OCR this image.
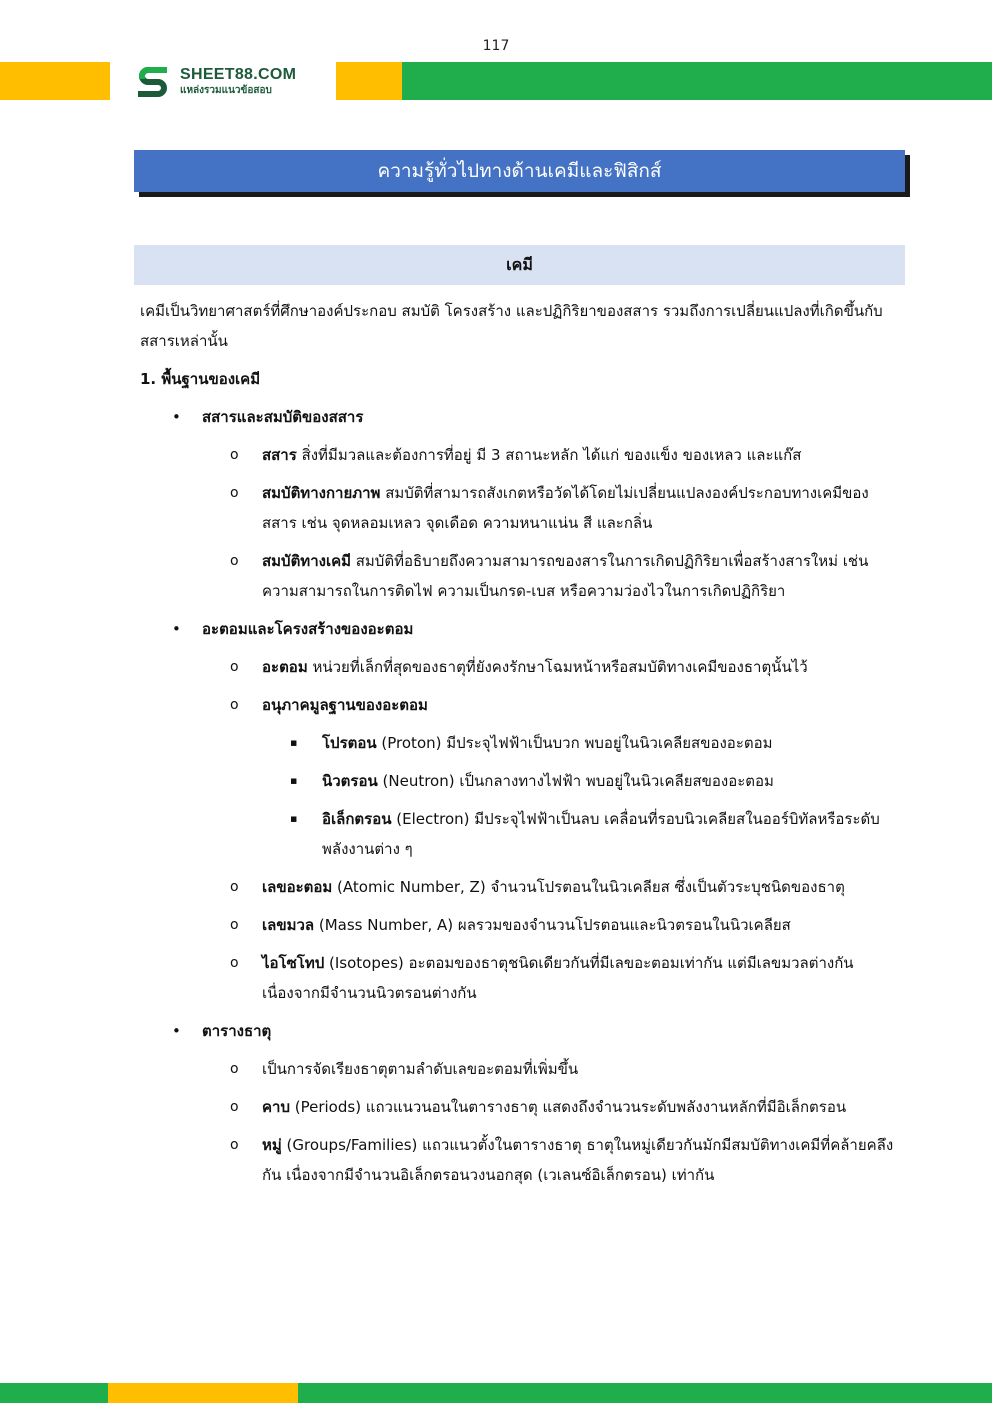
117
SHEET88.COM
แหล่งรวมแนวข้อสอบ
ความรู้ทั่วไปทางด้านเคมีและฟิสิกส์
เคมี

เคมีเป็นวิทยาศาสตร์ที่ศึกษาองค์ประกอบ สมบัติ โครงสร้าง และปฏิกิริยาของสสาร รวมถึงการเปลี่ยนแปลงที่เกิดขึ้นกับสสารเหล่านั้น

1. พื้นฐานของเคมี

• สสารและสมบัติของสสาร

o สสาร สิ่งที่มีมวลและต้องการที่อยู่ มี 3 สถานะหลัก ได้แก่ ของแข็ง ของเหลว และแก๊ส

o สมบัติทางกายภาพ สมบัติที่สามารถสังเกตหรือวัดได้โดยไม่เปลี่ยนแปลงองค์ประกอบทางเคมีของสสาร เช่น จุดหลอมเหลว จุดเดือด ความหนาแน่น สี และกลิ่น

o สมบัติทางเคมี สมบัติที่อธิบายถึงความสามารถของสารในการเกิดปฏิกิริยาเพื่อสร้างสารใหม่ เช่น ความสามารถในการติดไฟ ความเป็นกรด-เบส หรือความว่องไวในการเกิดปฏิกิริยา

• อะตอมและโครงสร้างของอะตอม

o อะตอม หน่วยที่เล็กที่สุดของธาตุที่ยังคงรักษาโฉมหน้าหรือสมบัติทางเคมีของธาตุนั้นไว้

o อนุภาคมูลฐานของอะตอม

▪ โปรตอน (Proton) มีประจุไฟฟ้าเป็นบวก พบอยู่ในนิวเคลียสของอะตอม

▪ นิวตรอน (Neutron) เป็นกลางทางไฟฟ้า พบอยู่ในนิวเคลียสของอะตอม

▪ อิเล็กตรอน (Electron) มีประจุไฟฟ้าเป็นลบ เคลื่อนที่รอบนิวเคลียสในออร์บิทัลหรือระดับพลังงานต่าง ๆ

o เลขอะตอม (Atomic Number, Z) จำนวนโปรตอนในนิวเคลียส ซึ่งเป็นตัวระบุชนิดของธาตุ

o เลขมวล (Mass Number, A) ผลรวมของจำนวนโปรตอนและนิวตรอนในนิวเคลียส

o ไอโซโทป (Isotopes) อะตอมของธาตุชนิดเดียวกันที่มีเลขอะตอมเท่ากัน แต่มีเลขมวลต่างกัน เนื่องจากมีจำนวนนิวตรอนต่างกัน

• ตารางธาตุ

o เป็นการจัดเรียงธาตุตามลำดับเลขอะตอมที่เพิ่มขึ้น

o คาบ (Periods) แถวแนวนอนในตารางธาตุ แสดงถึงจำนวนระดับพลังงานหลักที่มีอิเล็กตรอน

o หมู่ (Groups/Families) แถวแนวตั้งในตารางธาตุ ธาตุในหมู่เดียวกันมักมีสมบัติทางเคมีที่คล้ายคลึงกัน เนื่องจากมีจำนวนอิเล็กตรอนวงนอกสุด (เวเลนซ์อิเล็กตรอน) เท่ากัน
